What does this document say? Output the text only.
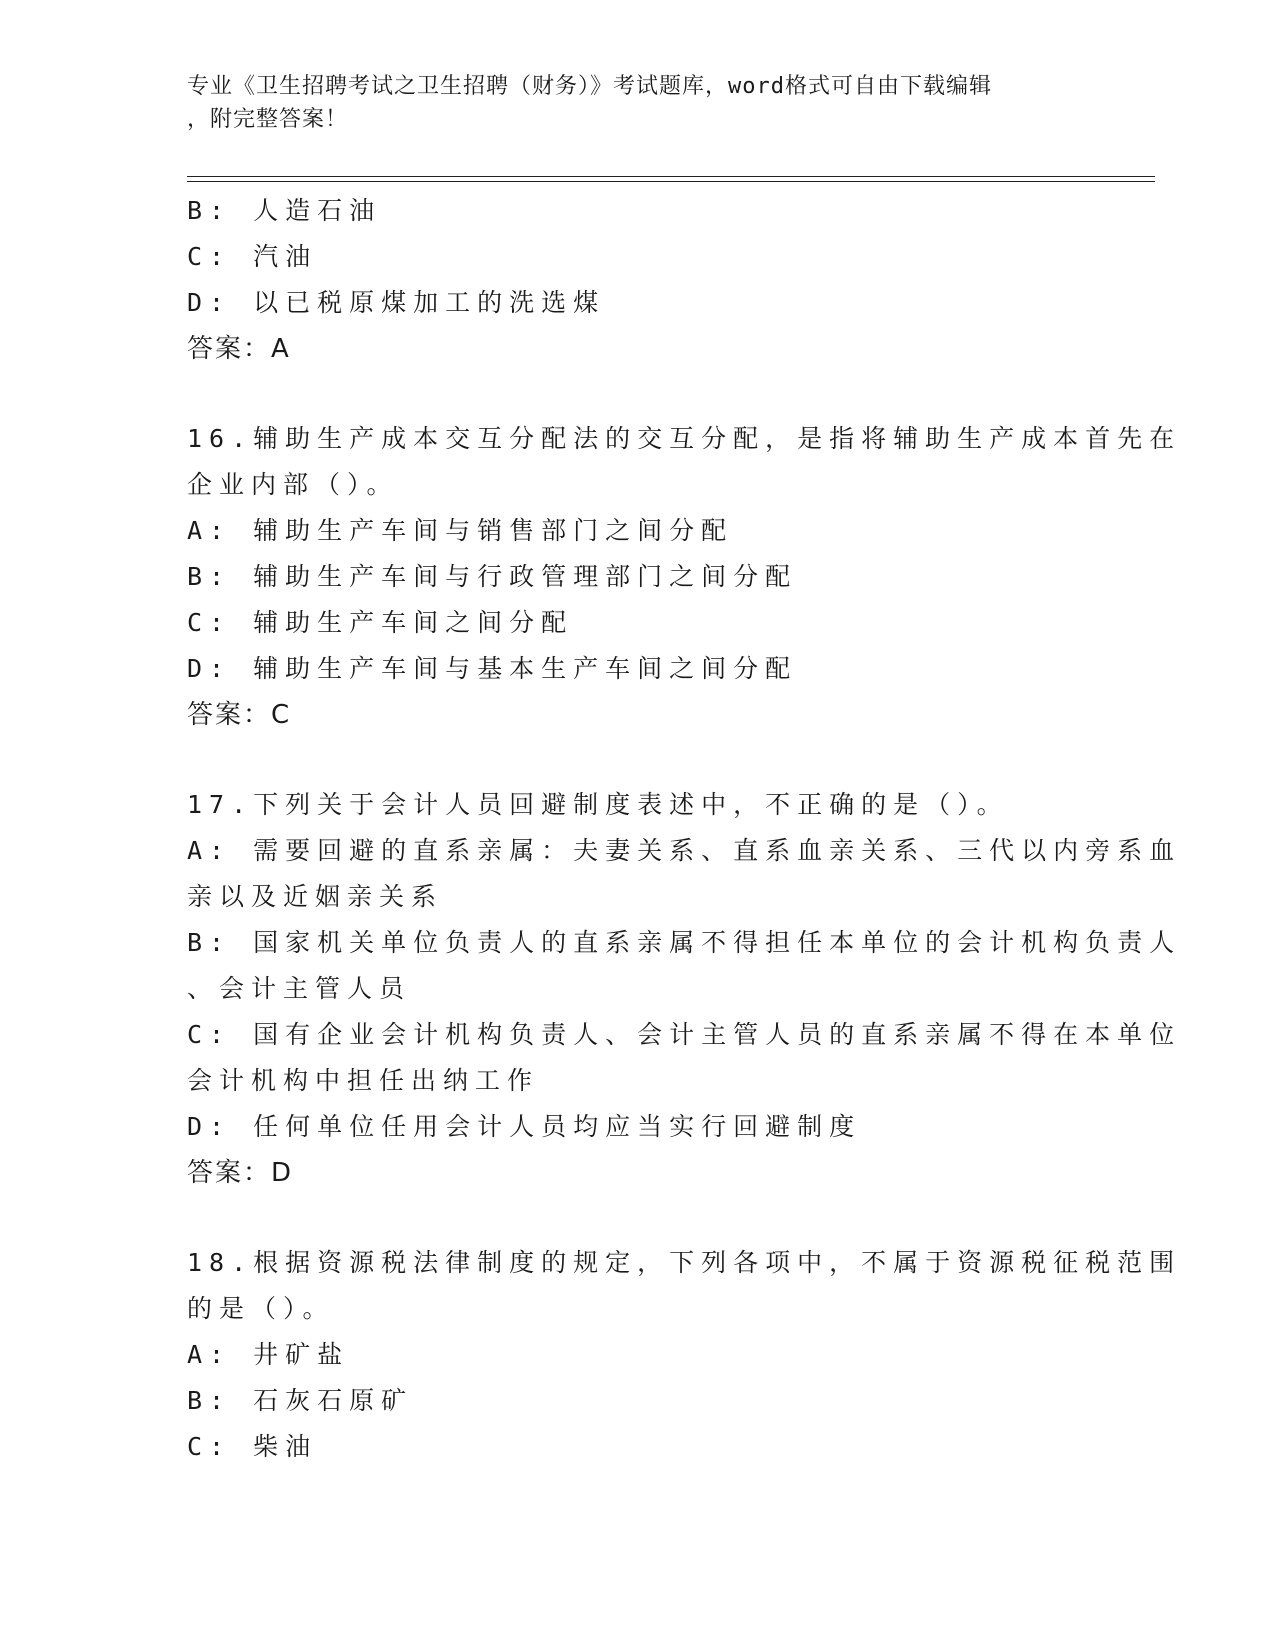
专业《卫生招聘考试之卫生招聘（财务）》考试题库，word格式可自由下载编辑
，附完整答案！
B: 人造石油
C: 汽油
D: 以已税原煤加工的洗选煤
答案：A
16.辅助生产成本交互分配法的交互分配，是指将辅助生产成本首先在
企业内部（）。
A: 辅助生产车间与销售部门之间分配
B: 辅助生产车间与行政管理部门之间分配
C: 辅助生产车间之间分配
D: 辅助生产车间与基本生产车间之间分配
答案：C
17.下列关于会计人员回避制度表述中，不正确的是（）。
A: 需要回避的直系亲属：夫妻关系、直系血亲关系、三代以内旁系血
亲以及近姻亲关系
B: 国家机关单位负责人的直系亲属不得担任本单位的会计机构负责人
、会计主管人员
C: 国有企业会计机构负责人、会计主管人员的直系亲属不得在本单位
会计机构中担任出纳工作
D: 任何单位任用会计人员均应当实行回避制度
答案：D
18.根据资源税法律制度的规定，下列各项中，不属于资源税征税范围
的是（）。
A: 井矿盐
B: 石灰石原矿
C: 柴油
